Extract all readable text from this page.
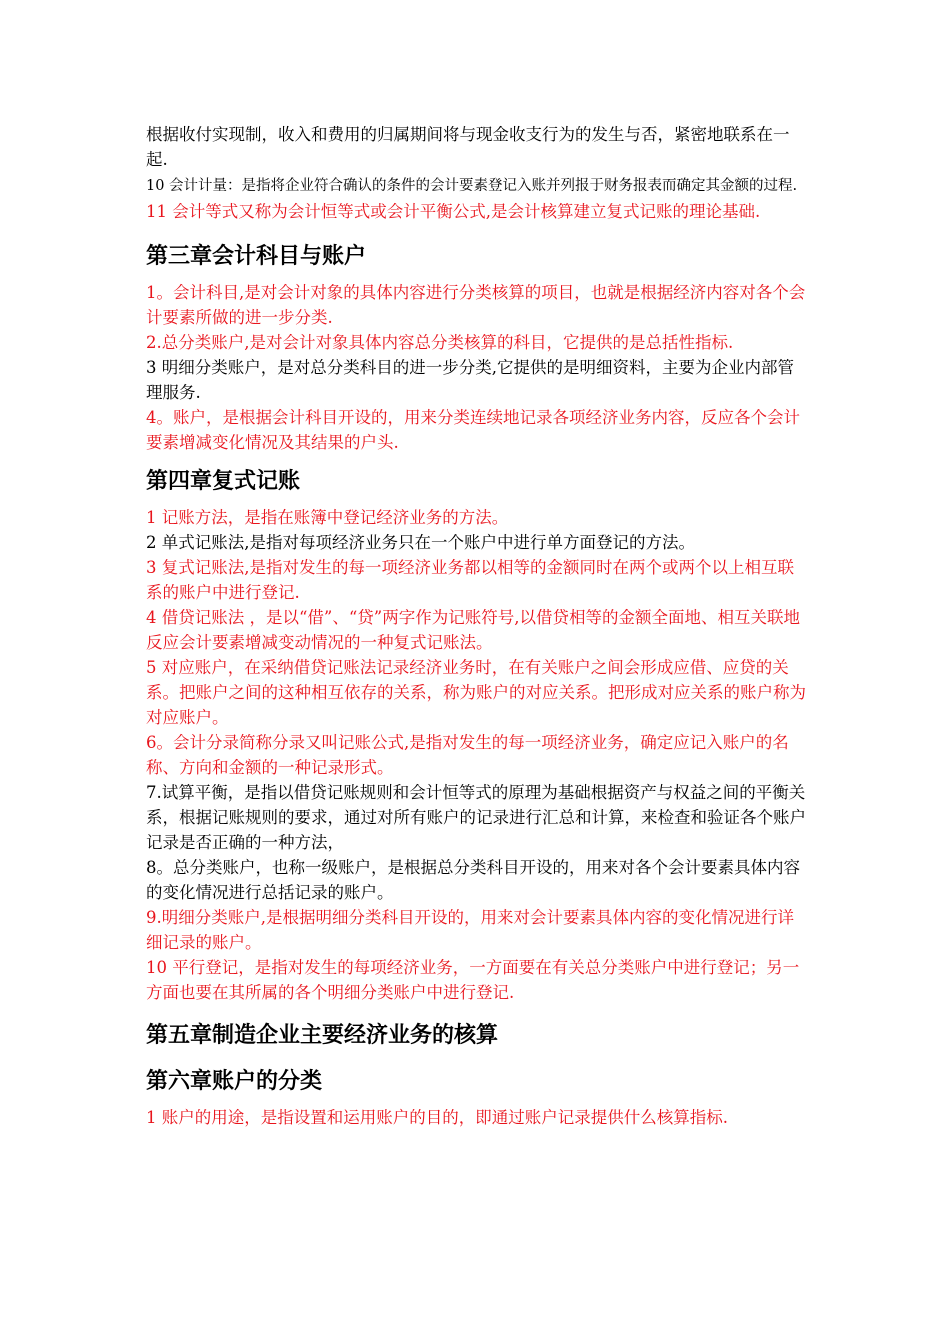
根据收付实现制，收入和费用的归属期间将与现金收支行为的发生与否，紧密地联系在一起.

10 会计计量：是指将企业符合确认的条件的会计要素登记入账并列报于财务报表而确定其金额的过程.

11 会计等式又称为会计恒等式或会计平衡公式,是会计核算建立复式记账的理论基础.

第三章会计科目与账户

1。会计科目,是对会计对象的具体内容进行分类核算的项目，也就是根据经济内容对各个会计要素所做的进一步分类.

2.总分类账户,是对会计对象具体内容总分类核算的科目，它提供的是总括性指标.

3 明细分类账户，是对总分类科目的进一步分类,它提供的是明细资料，主要为企业内部管理服务.

4。账户，是根据会计科目开设的，用来分类连续地记录各项经济业务内容，反应各个会计要素增减变化情况及其结果的户头.

第四章复式记账

1 记账方法，是指在账簿中登记经济业务的方法。

2 单式记账法,是指对每项经济业务只在一个账户中进行单方面登记的方法。

3 复式记账法,是指对发生的每一项经济业务都以相等的金额同时在两个或两个以上相互联系的账户中进行登记.

4 借贷记账法 ，是以“借”、“贷”两字作为记账符号,以借贷相等的金额全面地、相互关联地反应会计要素增减变动情况的一种复式记账法。

5 对应账户，在采纳借贷记账法记录经济业务时，在有关账户之间会形成应借、应贷的关系。把账户之间的这种相互依存的关系，称为账户的对应关系。把形成对应关系的账户称为对应账户。

6。会计分录简称分录又叫记账公式,是指对发生的每一项经济业务，确定应记入账户的名称、方向和金额的一种记录形式。

7.试算平衡，是指以借贷记账规则和会计恒等式的原理为基础根据资产与权益之间的平衡关系，根据记账规则的要求，通过对所有账户的记录进行汇总和计算，来检查和验证各个账户记录是否正确的一种方法，

8。总分类账户，也称一级账户，是根据总分类科目开设的，用来对各个会计要素具体内容的变化情况进行总括记录的账户。

9.明细分类账户,是根据明细分类科目开设的，用来对会计要素具体内容的变化情况进行详细记录的账户。

10 平行登记，是指对发生的每项经济业务，一方面要在有关总分类账户中进行登记；另一方面也要在其所属的各个明细分类账户中进行登记.

第五章制造企业主要经济业务的核算
第六章账户的分类

1 账户的用途，是指设置和运用账户的目的，即通过账户记录提供什么核算指标.
